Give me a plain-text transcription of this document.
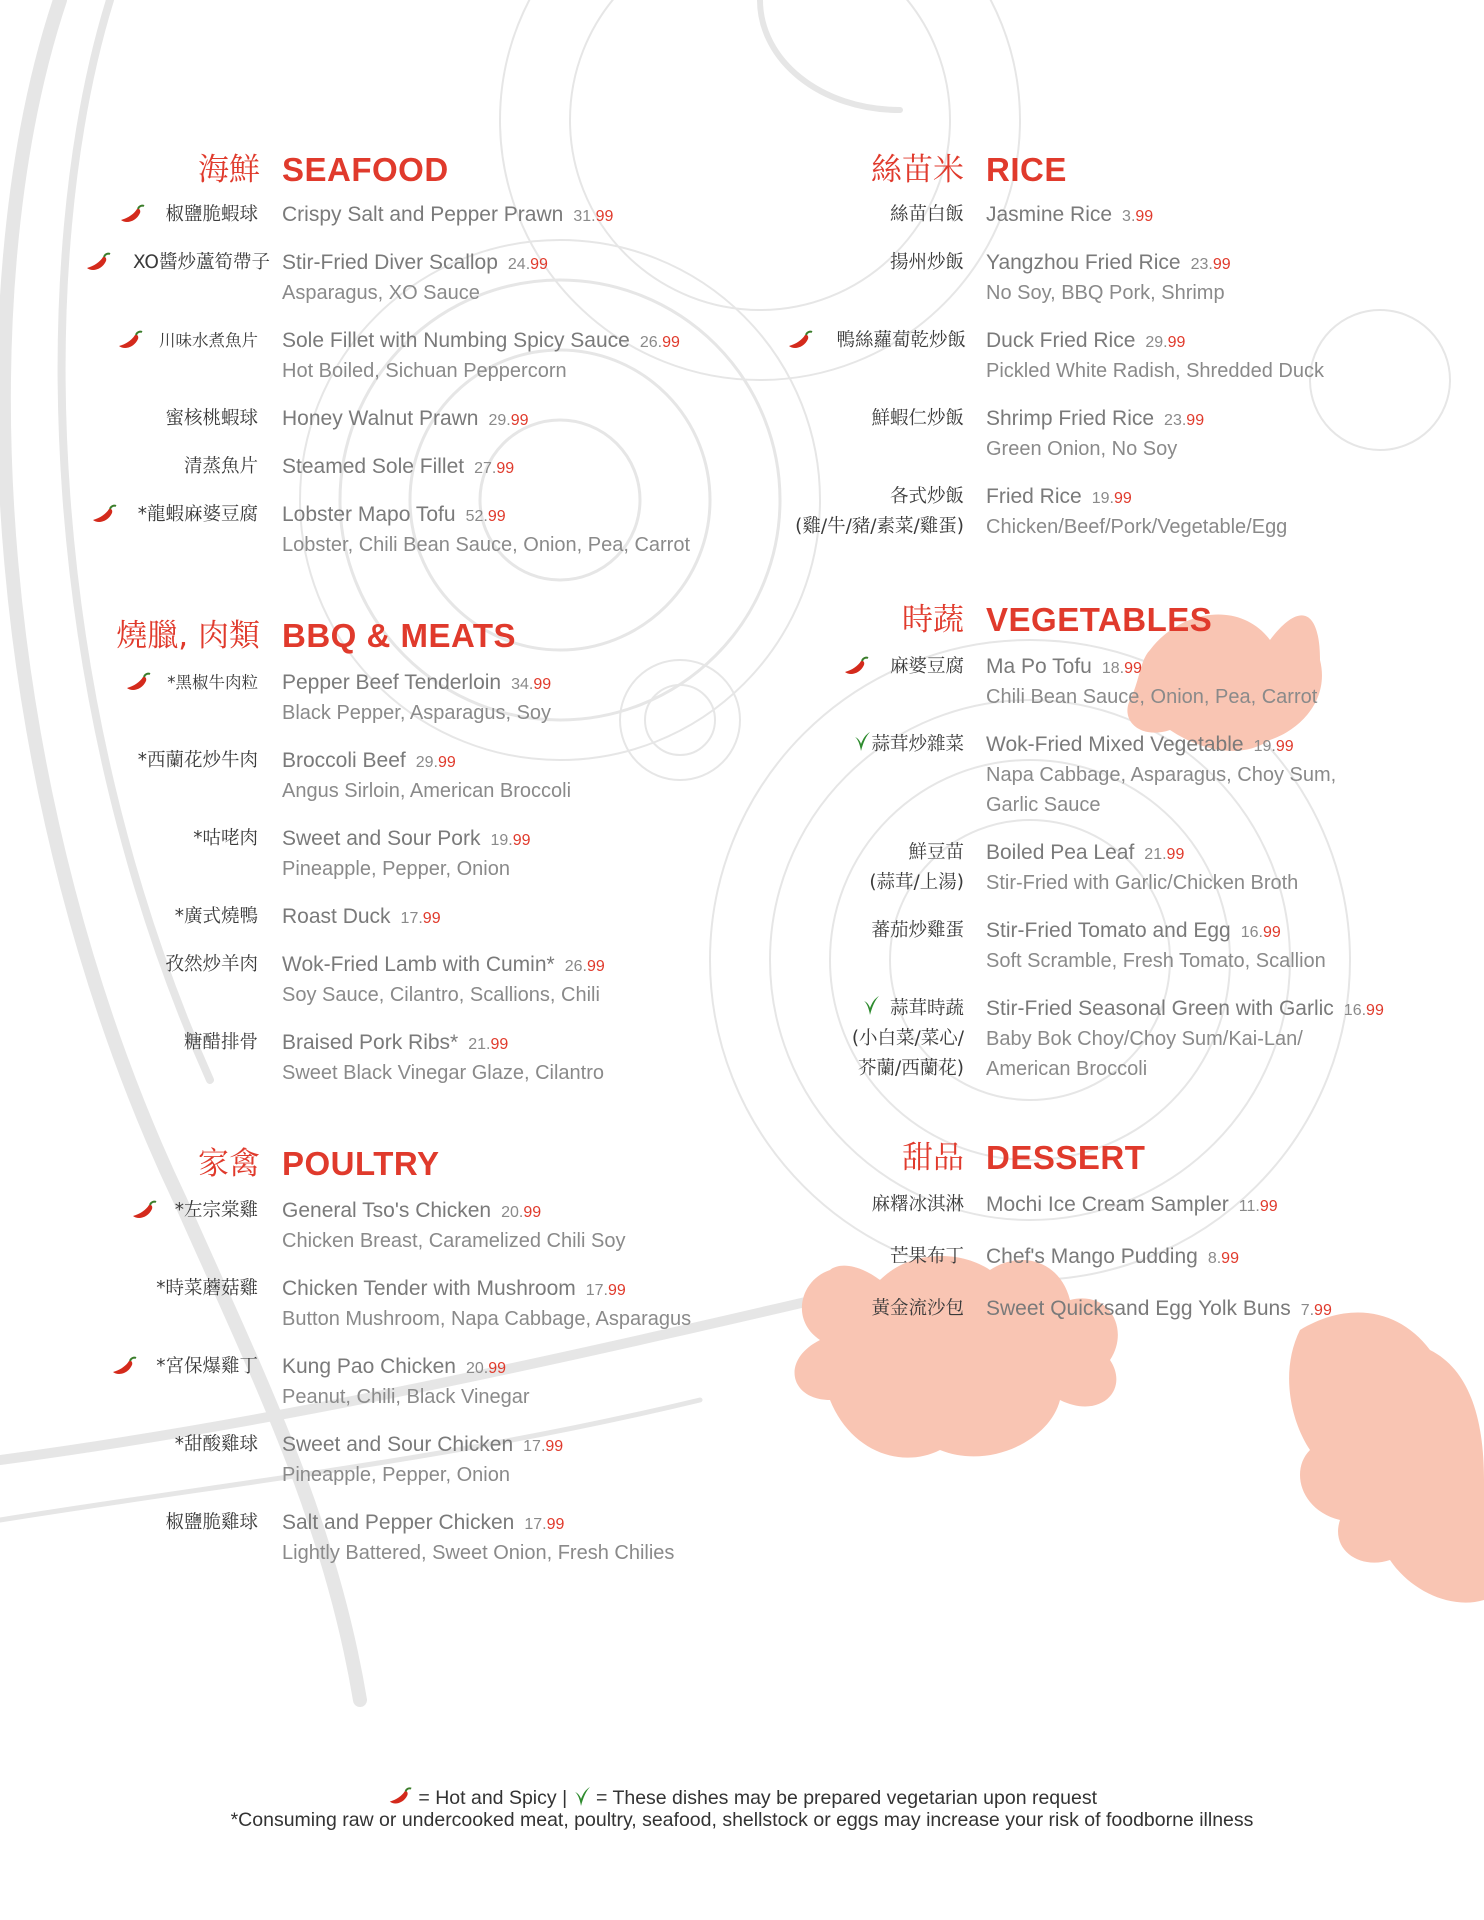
海鮮 SEAFOOD
椒鹽脆蝦球 Crispy Salt and Pepper Prawn 31.99
XO醬炒蘆筍帶子 Stir-Fried Diver Scallop 24.99
Asparagus, XO Sauce
川味水煮魚片 Sole Fillet with Numbing Spicy Sauce 26.99
Hot Boiled, Sichuan Peppercorn
蜜核桃蝦球 Honey Walnut Prawn 29.99
清蒸魚片 Steamed Sole Fillet 27.99
*龍蝦麻婆豆腐 Lobster Mapo Tofu 52.99
Lobster, Chili Bean Sauce, Onion, Pea, Carrot
燒臘, 肉類 BBQ & MEATS
*黑椒牛肉粒 Pepper Beef Tenderloin 34.99
Black Pepper, Asparagus, Soy
*西蘭花炒牛肉 Broccoli Beef 29.99
Angus Sirloin, American Broccoli
*咕咾肉 Sweet and Sour Pork 19.99
Pineapple, Pepper, Onion
*廣式燒鴨 Roast Duck 17.99
孜然炒羊肉 Wok-Fried Lamb with Cumin* 26.99
Soy Sauce, Cilantro, Scallions, Chili
糖醋排骨 Braised Pork Ribs* 21.99
Sweet Black Vinegar Glaze, Cilantro
家禽 POULTRY
*左宗棠雞 General Tso's Chicken 20.99
Chicken Breast, Caramelized Chili Soy
*時菜蘑菇雞 Chicken Tender with Mushroom 17.99
Button Mushroom, Napa Cabbage, Asparagus
*宮保爆雞丁 Kung Pao Chicken 20.99
Peanut, Chili, Black Vinegar
*甜酸雞球 Sweet and Sour Chicken 17.99
Pineapple, Pepper, Onion
椒鹽脆雞球 Salt and Pepper Chicken 17.99
Lightly Battered, Sweet Onion, Fresh Chilies
絲苗米 RICE
絲苗白飯 Jasmine Rice 3.99
揚州炒飯 Yangzhou Fried Rice 23.99
No Soy, BBQ Pork, Shrimp
鴨絲蘿蔔乾炒飯 Duck Fried Rice 29.99
Pickled White Radish, Shredded Duck
鮮蝦仁炒飯 Shrimp Fried Rice 23.99
Green Onion, No Soy
各式炒飯
(雞/牛/豬/素菜/雞蛋)
Fried Rice 19.99
Chicken/Beef/Pork/Vegetable/Egg
時蔬 VEGETABLES
麻婆豆腐 Ma Po Tofu 18.99
Chili Bean Sauce, Onion, Pea, Carrot
蒜茸炒雜菜 Wok-Fried Mixed Vegetable 19.99
Napa Cabbage, Asparagus, Choy Sum,
Garlic Sauce
鮮豆苗
(蒜茸/上湯)
Boiled Pea Leaf 21.99
Stir-Fried with Garlic/Chicken Broth
蕃茄炒雞蛋 Stir-Fried Tomato and Egg 16.99
Soft Scramble, Fresh Tomato, Scallion
蒜茸時蔬
(小白菜/菜心/
芥蘭/西蘭花)
Stir-Fried Seasonal Green with Garlic 16.99
Baby Bok Choy/Choy Sum/Kai-Lan/
American Broccoli
甜品 DESSERT
麻糬冰淇淋 Mochi Ice Cream Sampler 11.99
芒果布丁 Chef's Mango Pudding 8.99
黃金流沙包 Sweet Quicksand Egg Yolk Buns 7.99
= Hot and Spicy | = These dishes may be prepared vegetarian upon request
*Consuming raw or undercooked meat, poultry, seafood, shellstock or eggs may increase your risk of foodborne illness
